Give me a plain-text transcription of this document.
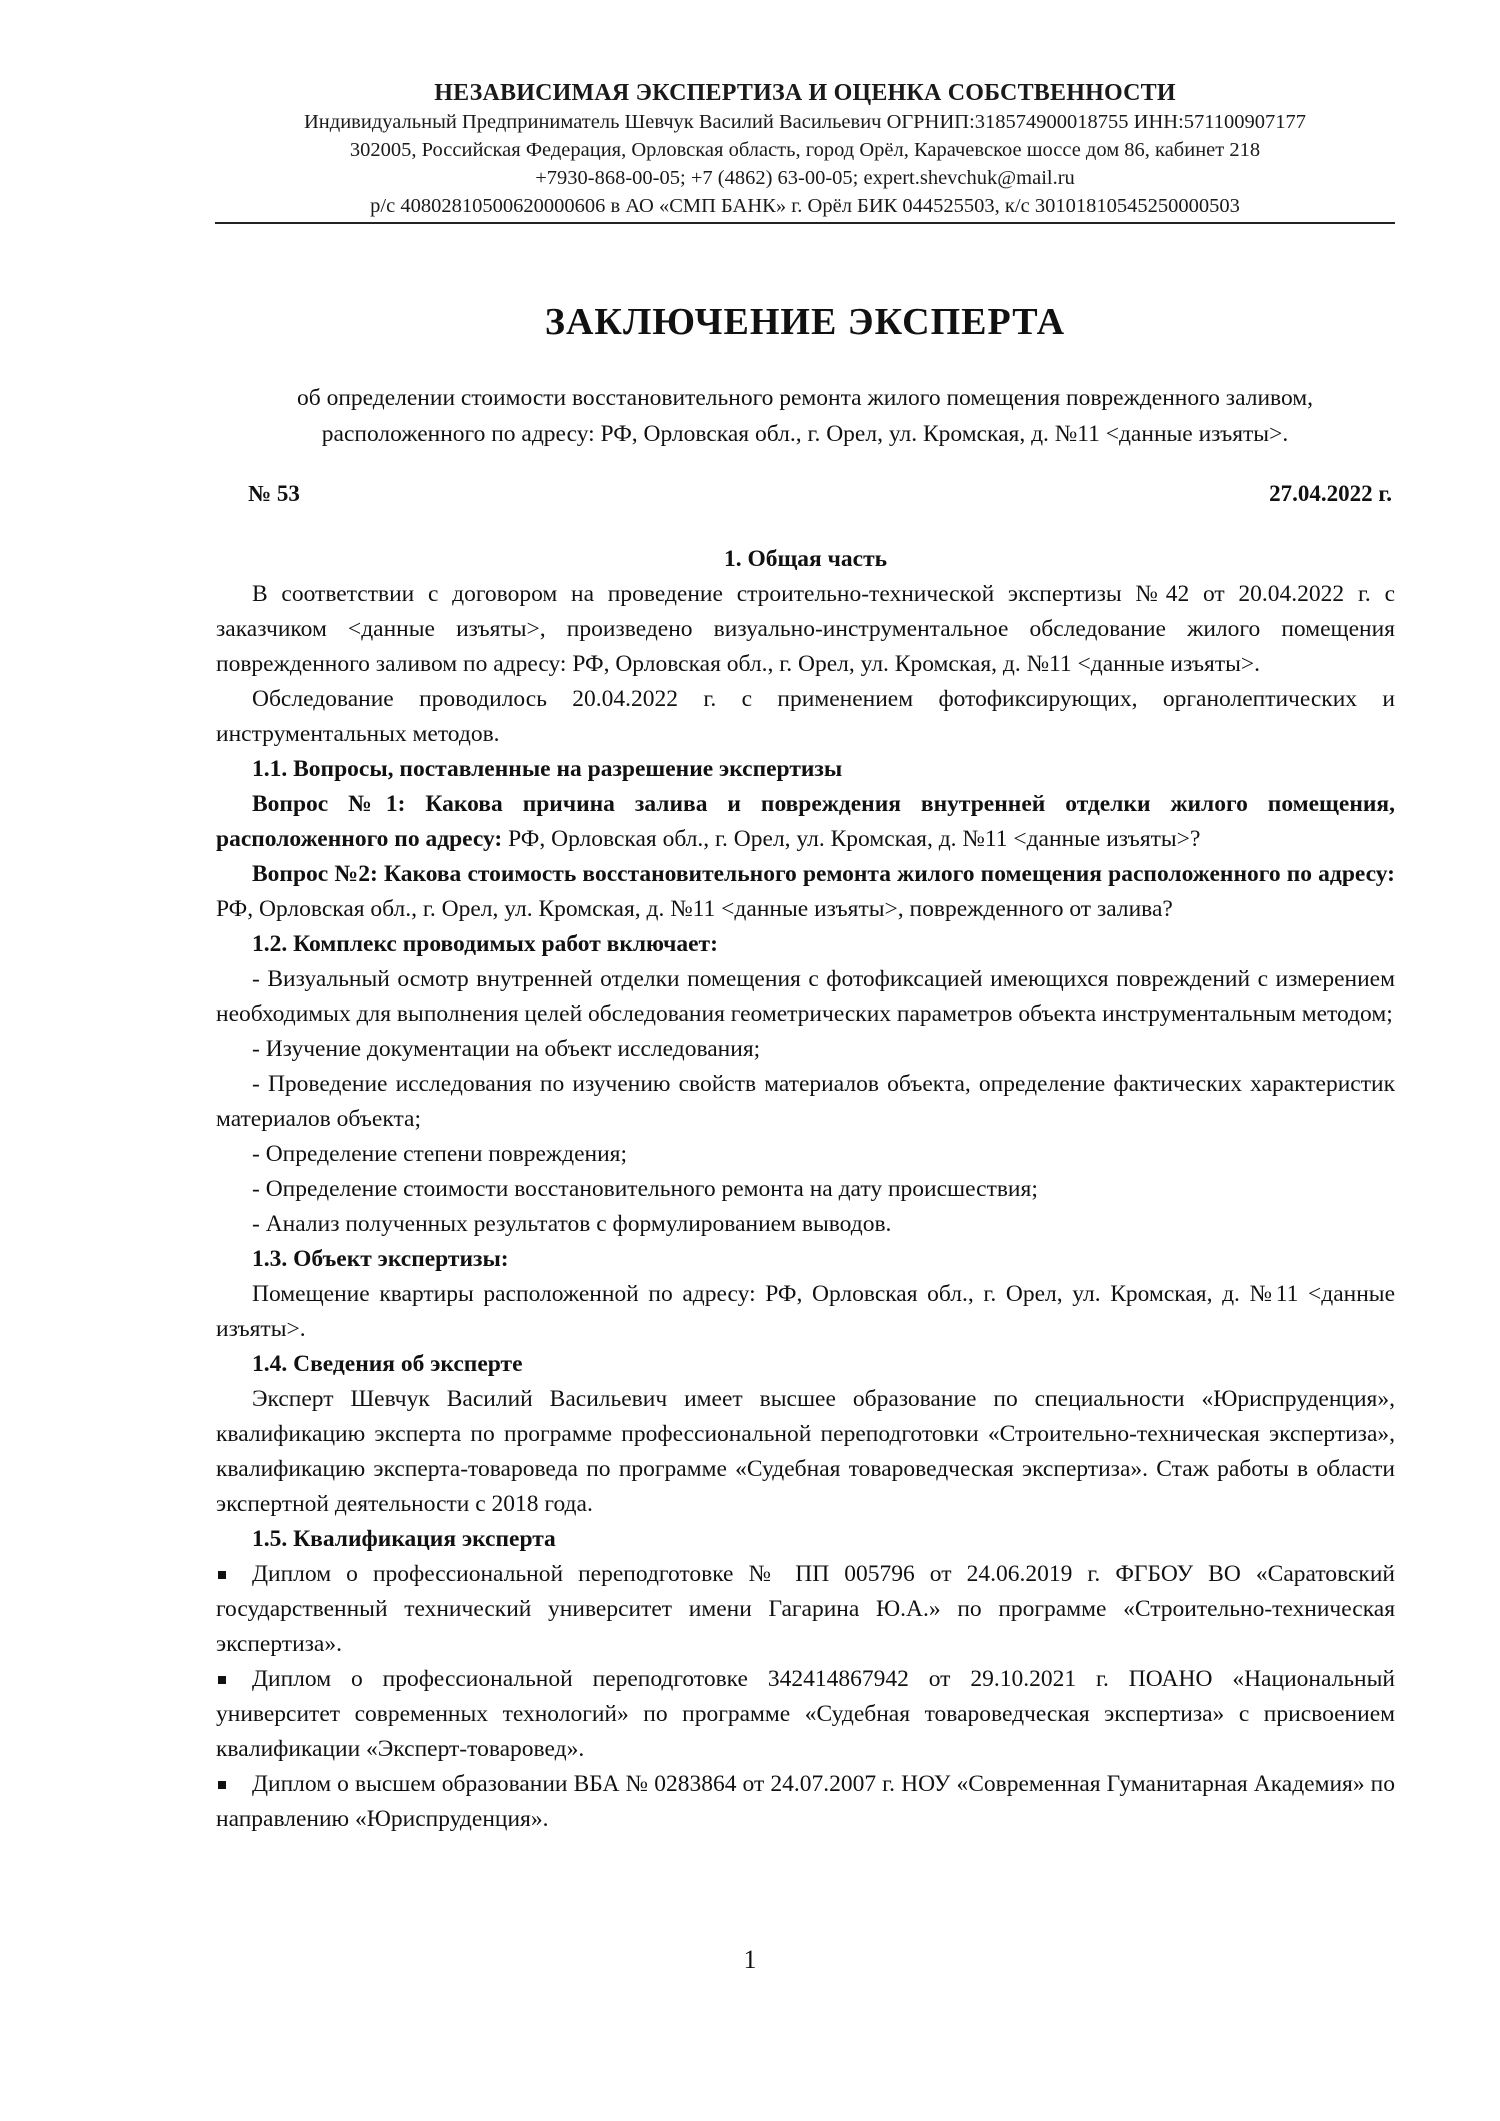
НЕЗАВИСИМАЯ ЭКСПЕРТИЗА И ОЦЕНКА СОБСТВЕННОСТИ
Индивидуальный Предприниматель Шевчук Василий Васильевич ОГРНИП:318574900018755 ИНН:571100907177
302005, Российская Федерация, Орловская область, город Орёл, Карачевское шоссе дом 86, кабинет 218
+7930-868-00-05; +7 (4862) 63-00-05; expert.shevchuk@mail.ru
р/с 40802810500620000606 в АО «СМП БАНК» г. Орёл БИК 044525503, к/с 30101810545250000503
ЗАКЛЮЧЕНИЕ ЭКСПЕРТА
об определении стоимости восстановительного ремонта жилого помещения поврежденного заливом,
расположенного по адресу: РФ, Орловская обл., г. Орел, ул. Кромская, д. №11 <данные изъяты>.
№ 53	27.04.2022 г.

1. Общая часть

В соответствии с договором на проведение строительно-технической экспертизы №42 от 20.04.2022 г. с заказчиком <данные изъяты>, произведено визуально-инструментальное обследование жилого помещения поврежденного заливом по адресу: РФ, Орловская обл., г. Орел, ул. Кромская, д. №11 <данные изъяты>.

Обследование проводилось 20.04.2022 г. с применением фотофиксирующих, органолептических и инструментальных методов.

1.1. Вопросы, поставленные на разрешение экспертизы

Вопрос №1: Какова причина залива и повреждения внутренней отделки жилого помещения, расположенного по адресу: РФ, Орловская обл., г. Орел, ул. Кромская, д. №11 <данные изъяты>?

Вопрос №2: Какова стоимость восстановительного ремонта жилого помещения расположенного по адресу: РФ, Орловская обл., г. Орел, ул. Кромская, д. №11 <данные изъяты>, поврежденного от залива?

1.2. Комплекс проводимых работ включает:

- Визуальный осмотр внутренней отделки помещения с фотофиксацией имеющихся повреждений с измерением необходимых для выполнения целей обследования геометрических параметров объекта инструментальным методом;

- Изучение документации на объект исследования;

- Проведение исследования по изучению свойств материалов объекта, определение фактических характеристик материалов объекта;

- Определение степени повреждения;

- Определение стоимости восстановительного ремонта на дату происшествия;

- Анализ полученных результатов с формулированием выводов.

1.3. Объект экспертизы:

Помещение квартиры расположенной по адресу: РФ, Орловская обл., г. Орел, ул. Кромская, д. №11 <данные изъяты>.

1.4. Сведения об эксперте

Эксперт Шевчук Василий Васильевич имеет высшее образование по специальности «Юриспруденция», квалификацию эксперта по программе профессиональной переподготовки «Строительно-техническая экспертиза», квалификацию эксперта-товароведа по программе «Судебная товароведческая экспертиза». Стаж работы в области экспертной деятельности с 2018 года.

1.5. Квалификация эксперта

Диплом о профессиональной переподготовке № ПП 005796 от 24.06.2019 г. ФГБОУ ВО «Саратовский государственный технический университет имени Гагарина Ю.А.» по программе «Строительно-техническая экспертиза».

Диплом о профессиональной переподготовке 342414867942 от 29.10.2021 г. ПОАНО «Национальный университет современных технологий» по программе «Судебная товароведческая экспертиза» с присвоением квалификации «Эксперт-товаровед».

Диплом о высшем образовании ВБА № 0283864 от 24.07.2007 г. НОУ «Современная Гуманитарная Академия» по направлению «Юриспруденция».

1
